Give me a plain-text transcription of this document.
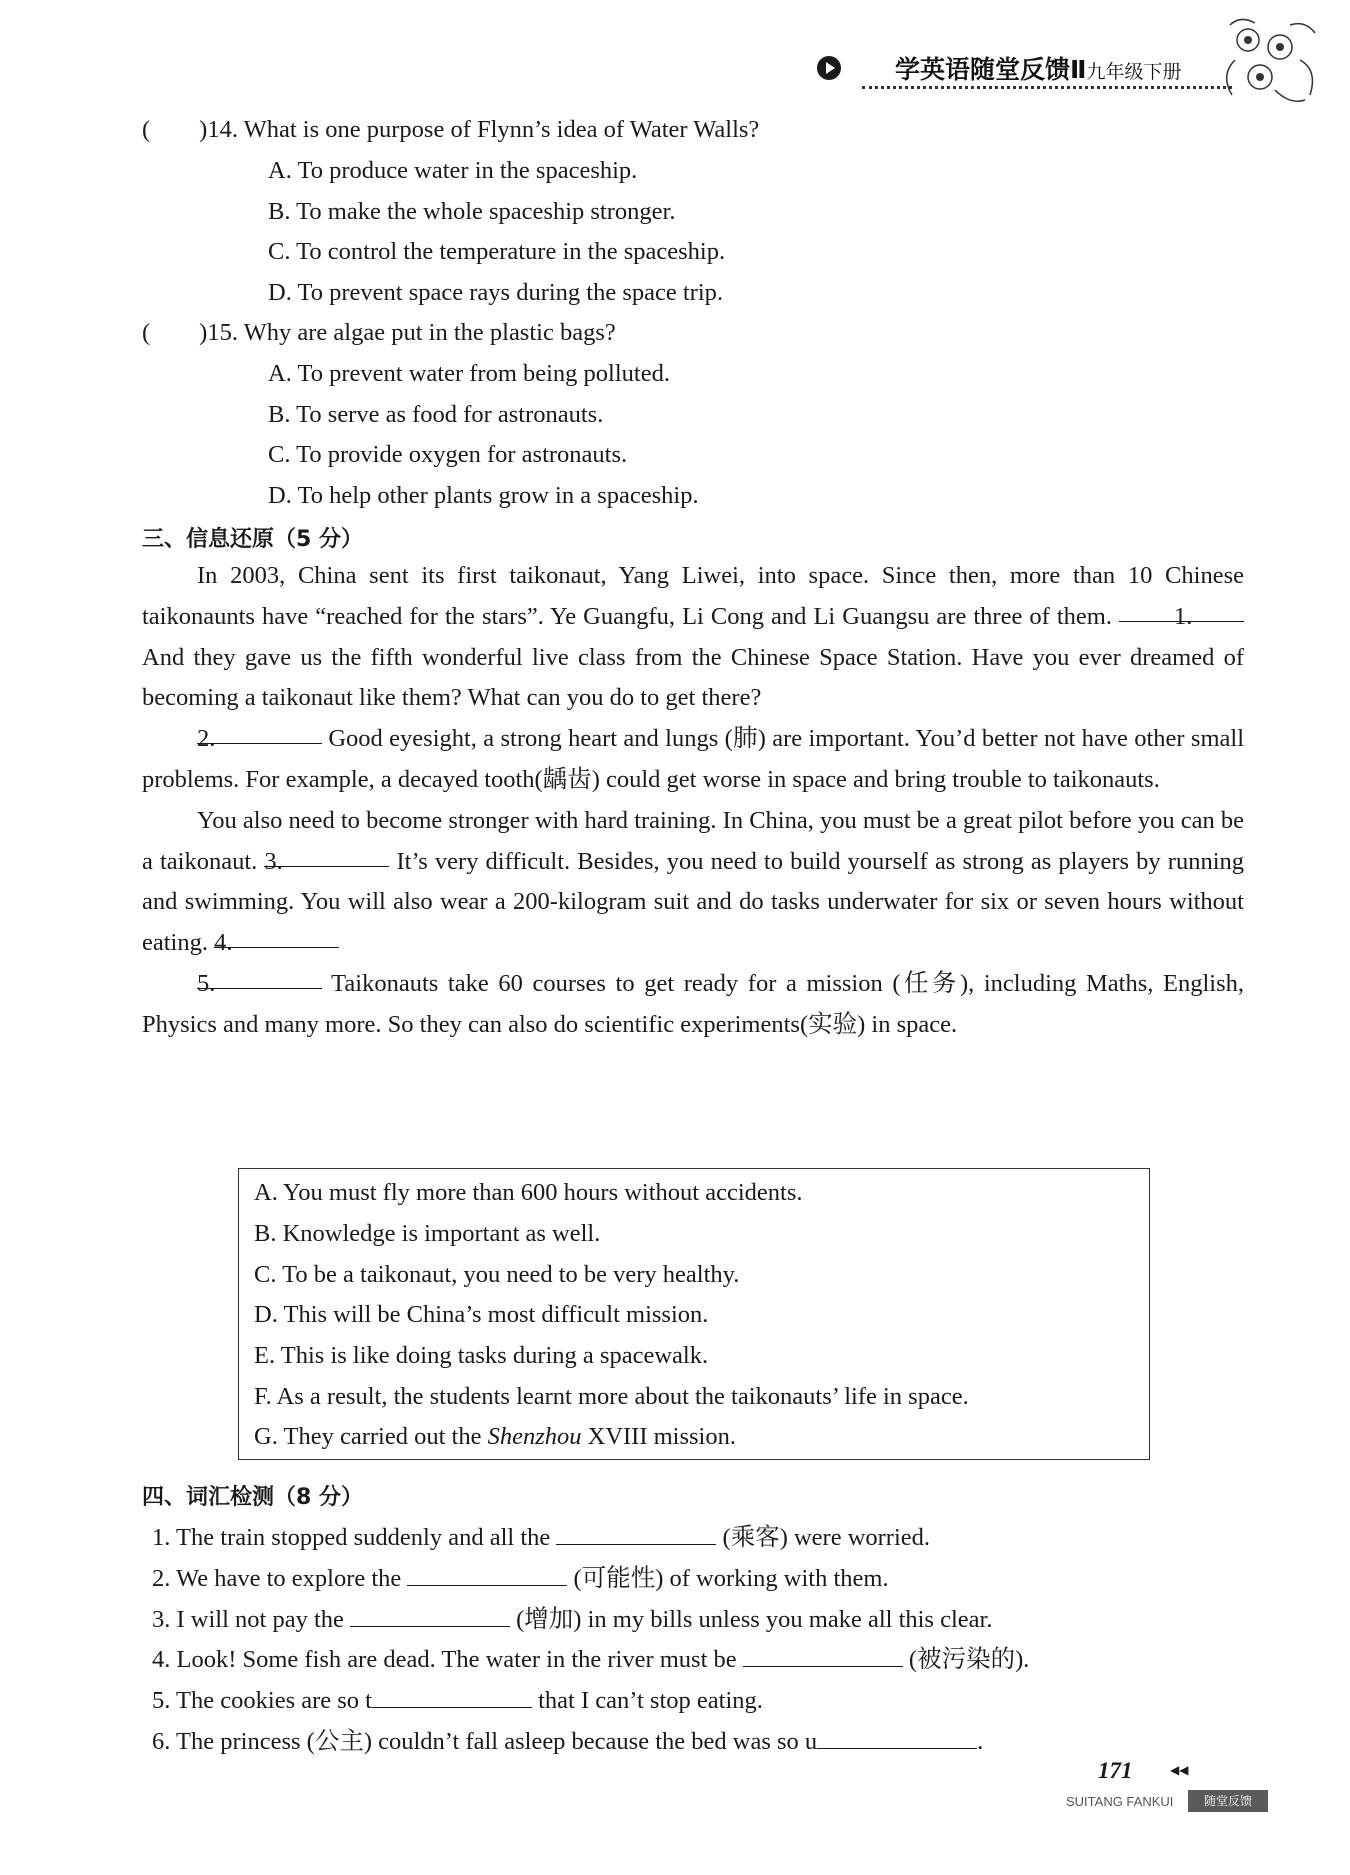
学英语随堂反馈Ⅱ九年级下册
(  )14. What is one purpose of Flynn’s idea of Water Walls?
A. To produce water in the spaceship.
B. To make the whole spaceship stronger.
C. To control the temperature in the spaceship.
D. To prevent space rays during the space trip.
(  )15. Why are algae put in the plastic bags?
A. To prevent water from being polluted.
B. To serve as food for astronauts.
C. To provide oxygen for astronauts.
D. To help other plants grow in a spaceship.
三、信息还原（5 分）
In 2003, China sent its first taikonaut, Yang Liwei, into space. Since then, more than 10 Chinese taikonaunts have “reached for the stars”. Ye Guangfu, Li Cong and Li Guangsu are three of them.	1. And they gave us the fifth wonderful live class from the Chinese Space Station. Have you ever dreamed of becoming a taikonaut like them? What can you do to get there?
2.	Good eyesight, a strong heart and lungs (肺) are important. You’d better not have other small problems. For example, a decayed tooth(龋齿) could get worse in space and bring trouble to taikonauts.
You also need to become stronger with hard training. In China, you must be a great pilot before you can be a taikonaut. 3.	It’s very difficult. Besides, you need to build yourself as strong as players by running and swimming. You will also wear a 200-kilogram suit and do tasks underwater for six or seven hours without eating. 4.
5.	Taikonauts take 60 courses to get ready for a mission (任务), including Maths, English, Physics and many more. So they can also do scientific experiments(实验) in space.
A. You must fly more than 600 hours without accidents.
B. Knowledge is important as well.
C. To be a taikonaut, you need to be very healthy.
D. This will be China’s most difficult mission.
E. This is like doing tasks during a spacewalk.
F. As a result, the students learnt more about the taikonauts’ life in space.
G. They carried out the Shenzhou XVIII mission.
四、词汇检测（8 分）
1. The train stopped suddenly and all the	(乘客) were worried.
2. We have to explore the	(可能性) of working with them.
3. I will not pay the	(增加) in my bills unless you make all this clear.
4. Look! Some fish are dead. The water in the river must be	(被污染的).
5. The cookies are so t	that I can’t stop eating.
6. The princess (公主) couldn’t fall asleep because the bed was so u	.
171	◀◀
SUITANG FANKUI	随堂反馈
